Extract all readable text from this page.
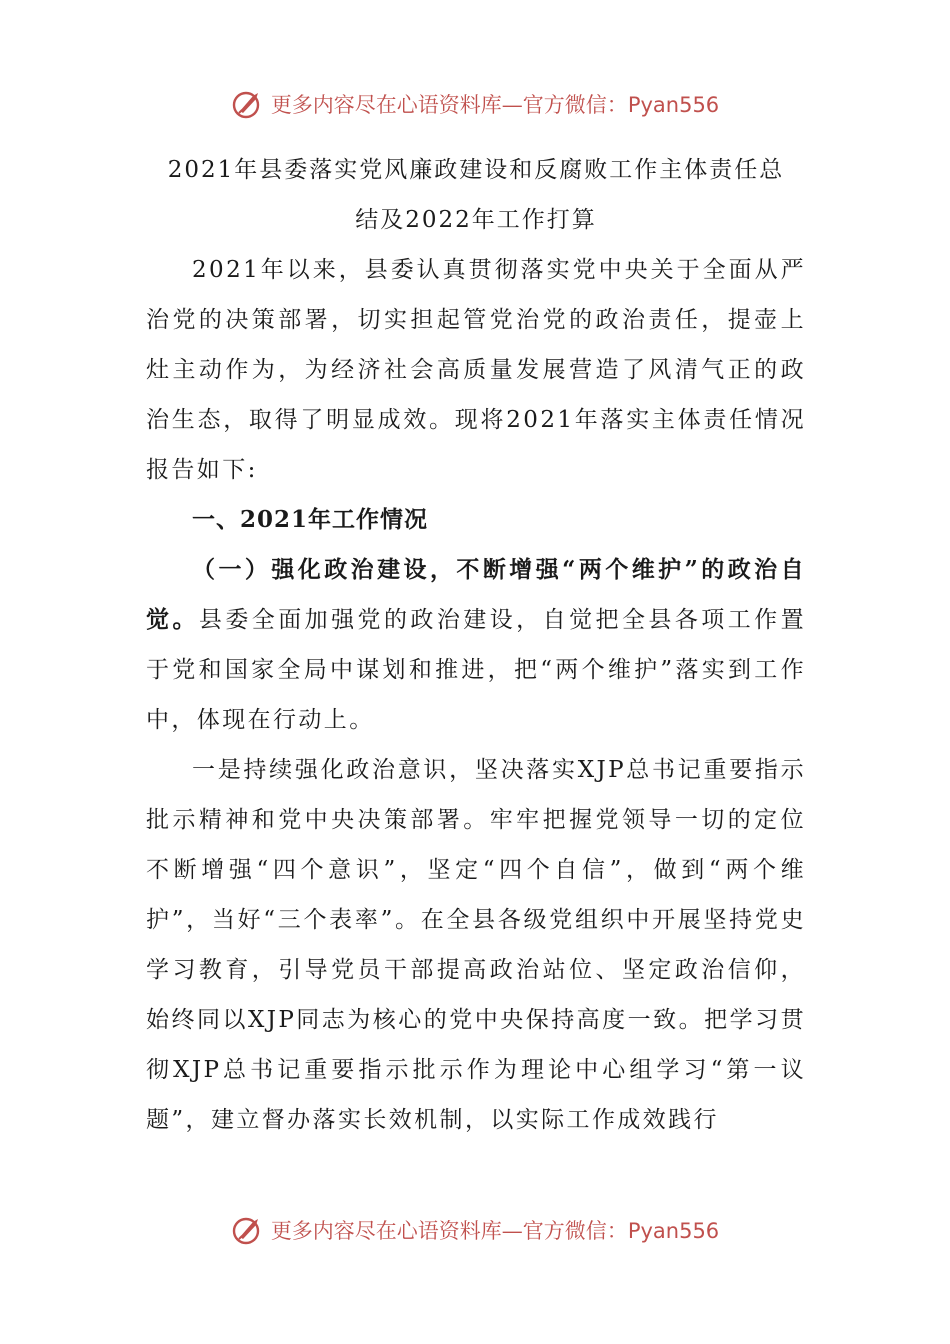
更多内容尽在心语资料库—官方微信：Pyan556

2021年县委落实党风廉政建设和反腐败工作主体责任总

结及2022年工作打算

2021年以来，县委认真贯彻落实党中央关于全面从严治党的决策部署，切实担起管党治党的政治责任，提壶上灶主动作为，为经济社会高质量发展营造了风清气正的政治生态，取得了明显成效。现将2021年落实主体责任情况报告如下:

一、2021年工作情况

（一）强化政治建设，不断增强“两个维护”的政治自觉。县委全面加强党的政治建设，自觉把全县各项工作置于党和国家全局中谋划和推进，把“两个维护”落实到工作中，体现在行动上。

一是持续强化政治意识，坚决落实XJP总书记重要指示批示精神和党中央决策部署。牢牢把握党领导一切的定位不断增强“四个意识”，坚定“四个自信”，做到“两个维护”，当好“三个表率”。在全县各级党组织中开展坚持党史学习教育，引导党员干部提高政治站位、坚定政治信仰，始终同以XJP同志为核心的党中央保持高度一致。把学习贯彻XJP总书记重要指示批示作为理论中心组学习“第一议题”，建立督办落实长效机制，以实际工作成效践行

更多内容尽在心语资料库—官方微信：Pyan556
